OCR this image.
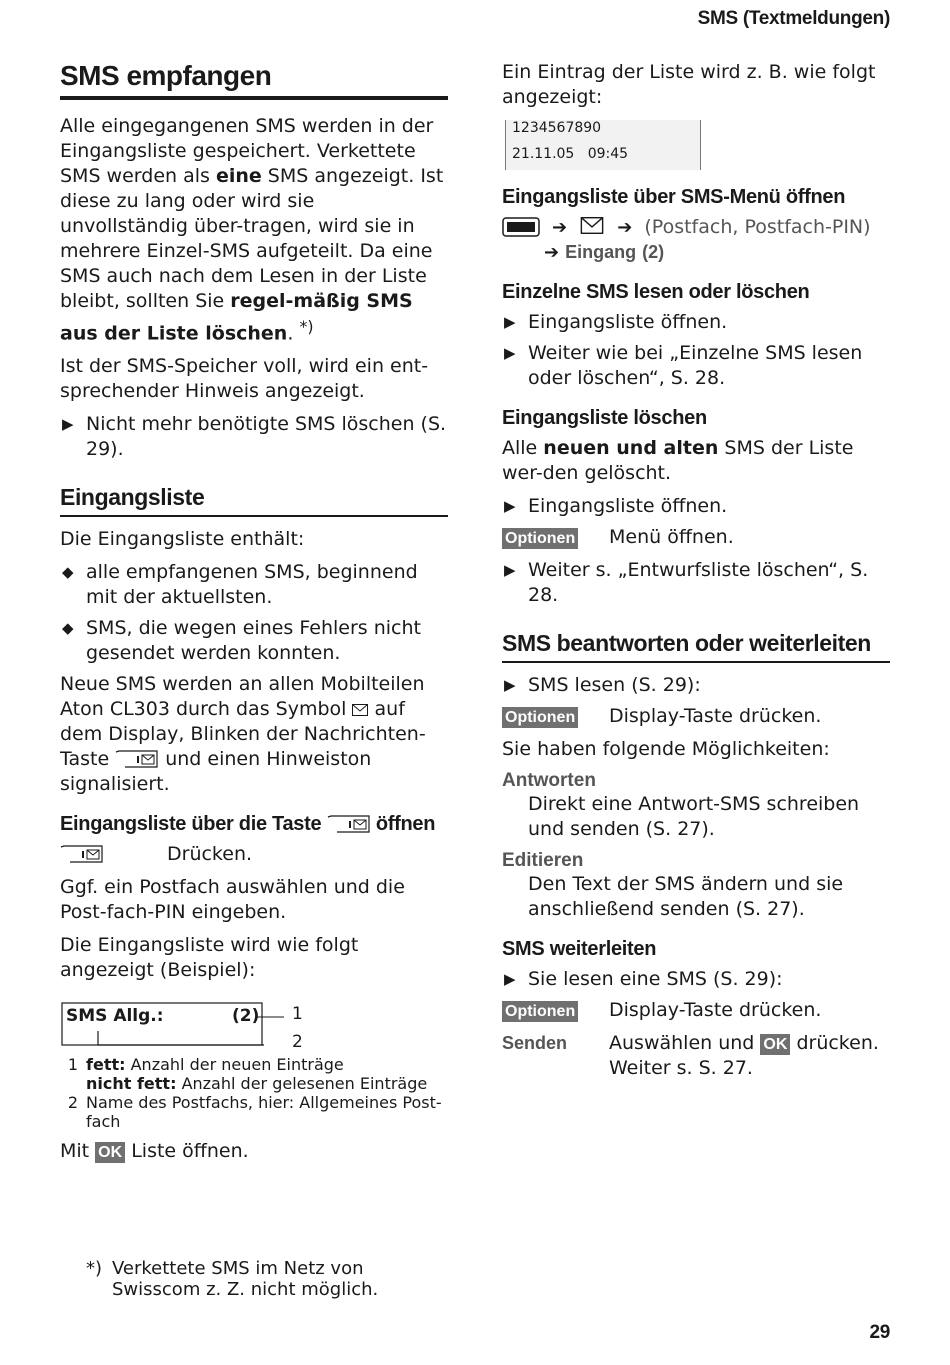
SMS (Textmeldungen)
SMS empfangen

Alle eingegangenen SMS werden in der Eingangsliste gespeichert. Verkettete SMS werden als eine SMS angezeigt. Ist diese zu lang oder wird sie unvollständig über-tragen, wird sie in mehrere Einzel-SMS aufgeteilt. Da eine SMS auch nach dem Lesen in der Liste bleibt, sollten Sie regel-mäßig SMS aus der Liste löschen. *)

Ist der SMS-Speicher voll, wird ein ent-sprechender Hinweis angezeigt.

▶ Nicht mehr benötigte SMS löschen (S. 29).
Eingangsliste

Die Eingangsliste enthält:

◆ alle empfangenen SMS, beginnend mit der aktuellsten.
◆ SMS, die wegen eines Fehlers nicht gesendet werden konnten.

Neue SMS werden an allen Mobilteilen Aton CL303 durch das Symbol  auf dem Display, Blinken der Nachrichten-Taste  und einen Hinweiston signalisiert.

Eingangsliste über die Taste  öffnen
Drücken.

Ggf. ein Postfach auswählen und die Post-fach-PIN eingeben.

Die Eingangsliste wird wie folgt angezeigt (Beispiel):

SMS Allg.:	(2) 1
2
1 fett: Anzahl der neuen Einträge
nicht fett: Anzahl der gelesenen Einträge
2 Name des Postfachs, hier: Allgemeines Post-fach

Mit OK Liste öffnen.

Ein Eintrag der Liste wird z. B. wie folgt angezeigt:

1234567890
21.11.05   09:45
Eingangsliste über SMS-Menü öffnen
➔	➔ (Postfach, Postfach-PIN)
➔ Eingang (2)
Einzelne SMS lesen oder löschen
▶ Eingangsliste öffnen.
▶ Weiter wie bei „Einzelne SMS lesen oder löschen“, S. 28.
Eingangsliste löschen

Alle neuen und alten SMS der Liste wer-den gelöscht.

▶ Eingangsliste öffnen.
Optionen	Menü öffnen.
▶ Weiter s. „Entwurfsliste löschen“, S. 28.
SMS beantworten oder weiterleiten
▶ SMS lesen (S. 29):
Optionen	Display-Taste drücken.

Sie haben folgende Möglichkeiten:

Antworten
Direkt eine Antwort-SMS schreiben und senden (S. 27).
Editieren
Den Text der SMS ändern und sie anschließend senden (S. 27).
SMS weiterleiten
▶ Sie lesen eine SMS (S. 29):
Optionen	Display-Taste drücken.
Senden	Auswählen und OK drücken.
Weiter s. S. 27.
*) Verkettete SMS im Netz von Swisscom z. Z. nicht möglich.
29
